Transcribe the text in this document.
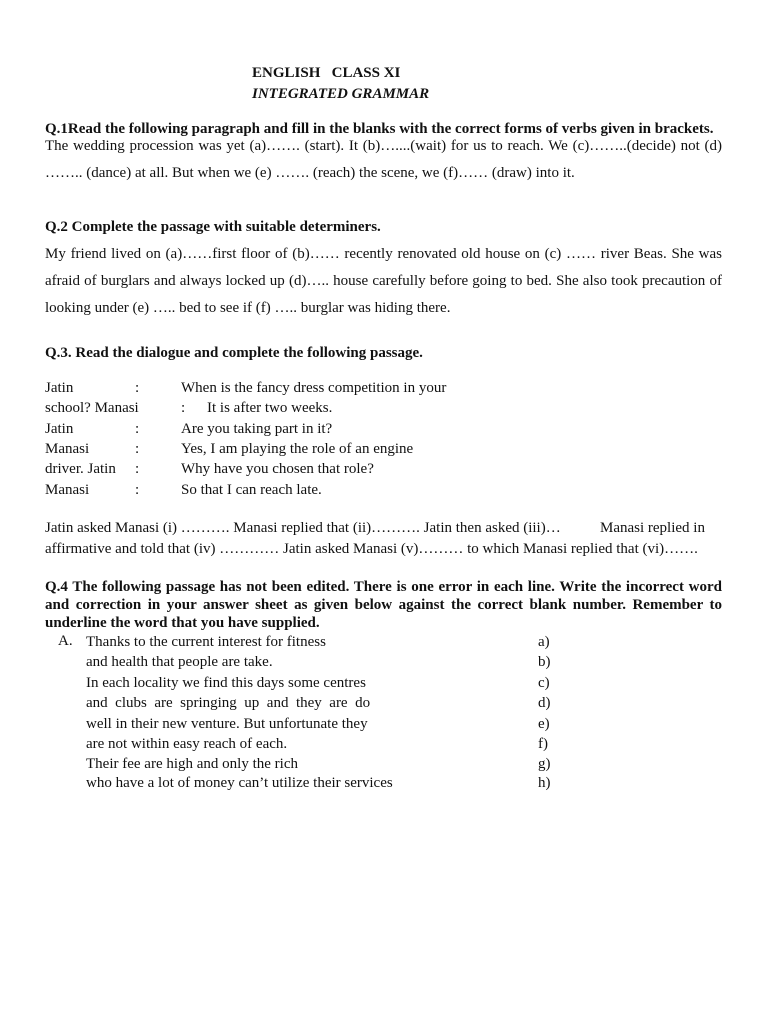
ENGLISH CLASS XI
INTEGRATED GRAMMAR
Q.1Read the following paragraph and fill in the blanks with the correct forms of verbs given in brackets.
The wedding procession was yet (a)……. (start). It (b)…....(wait) for us to reach. We (c)……..(decide) not (d)
…….. (dance) at all. But when we (e) ……. (reach) the scene, we (f)…… (draw) into it.
Q.2 Complete the passage with suitable determiners.
My friend lived on (a)……first floor of (b)…… recently renovated old house on (c) …… river Beas. She was
afraid of burglars and always locked up (d)….. house carefully before going to bed. She also took precaution of
looking under (e) ….. bed to see if (f) ….. burglar was hiding there.
Q.3. Read the dialogue and complete the following passage.
Jatin	:	When is the fancy dress competition in your
school? Manasi	: It is after two weeks.
Jatin	:	Are you taking part in it?
Manasi	:	Yes, I am playing the role of an engine
driver. Jatin :	Why have you chosen that role?
Manasi	:	So that I can reach late.
Jatin asked Manasi (i) ………. Manasi replied that (ii)………. Jatin then asked (iii)…	Manasi replied in
affirmative and told that (iv) ………… Jatin asked Manasi (v)……… to which Manasi replied that (vi)…….
Q.4 The following passage has not been edited. There is one error in each line. Write the incorrect word
and correction in your answer sheet as given below against the correct blank number. Remember to
underline the word that you have supplied.
A. Thanks to the current interest for fitness	a)
and health that people are take.	b)
In each locality we find this days some centres	c)
and  clubs  are  springing  up  and  they  are  do	d)
well in their new venture. But unfortunate they	e)
are not within easy reach of each.	f)
Their fee are high and only the rich	g)
who have a lot of money can’t utilize their services	h)
